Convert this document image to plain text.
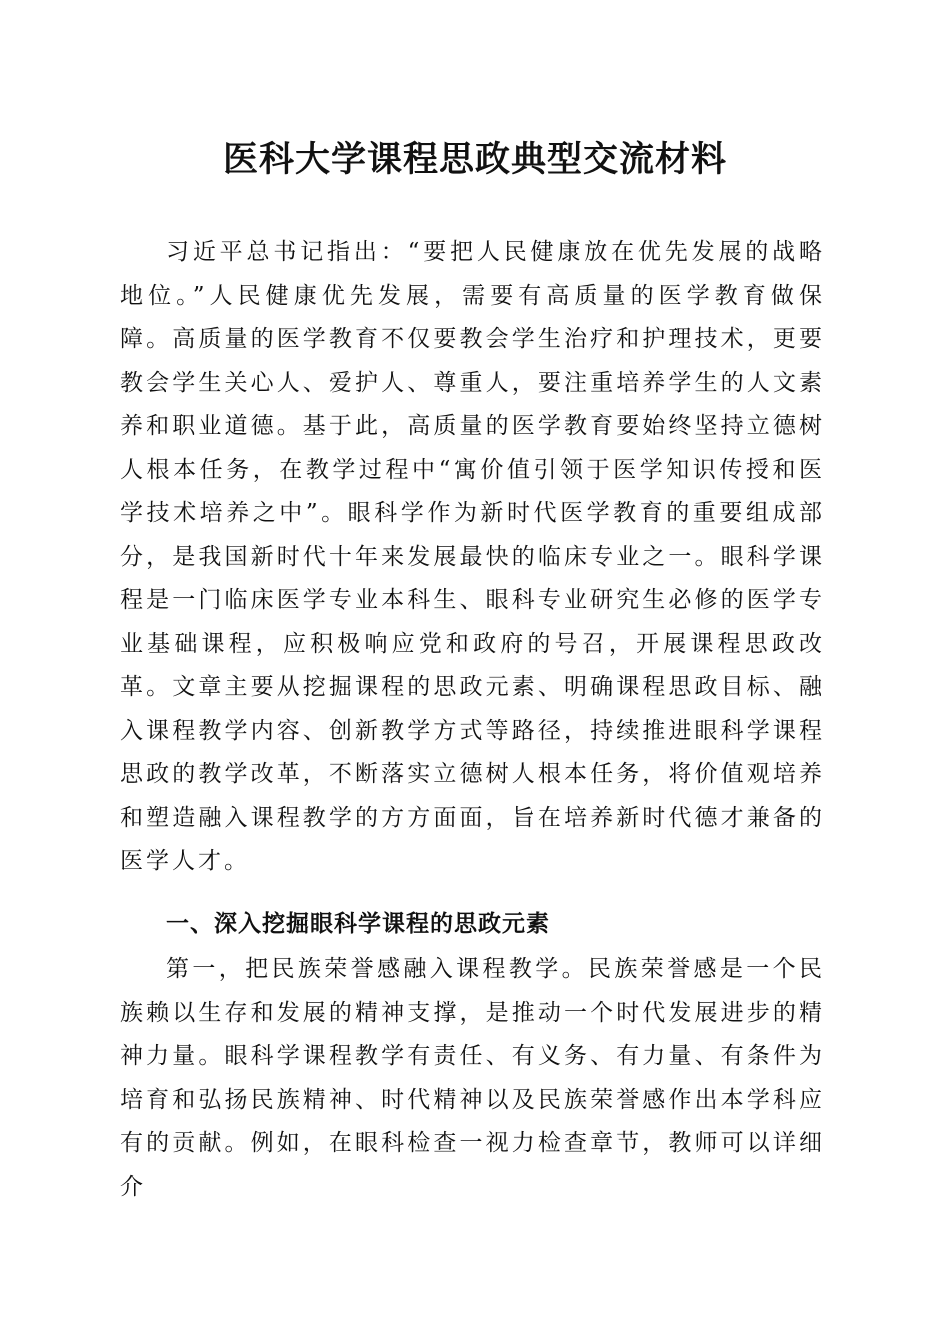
医科大学课程思政典型交流材料

习近平总书记指出：“要把人民健康放在优先发展的战略地位。”人民健康优先发展，需要有高质量的医学教育做保障。高质量的医学教育不仅要教会学生治疗和护理技术，更要教会学生关心人、爱护人、尊重人，要注重培养学生的人文素养和职业道德。基于此，高质量的医学教育要始终坚持立德树人根本任务，在教学过程中“寓价值引领于医学知识传授和医学技术培养之中”。眼科学作为新时代医学教育的重要组成部分，是我国新时代十年来发展最快的临床专业之一。眼科学课程是一门临床医学专业本科生、眼科专业研究生必修的医学专业基础课程，应积极响应党和政府的号召，开展课程思政改革。文章主要从挖掘课程的思政元素、明确课程思政目标、融入课程教学内容、创新教学方式等路径，持续推进眼科学课程思政的教学改革，不断落实立德树人根本任务，将价值观培养和塑造融入课程教学的方方面面，旨在培养新时代德才兼备的医学人才。

一、深入挖掘眼科学课程的思政元素

第一，把民族荣誉感融入课程教学。民族荣誉感是一个民族赖以生存和发展的精神支撑，是推动一个时代发展进步的精神力量。眼科学课程教学有责任、有义务、有力量、有条件为培育和弘扬民族精神、时代精神以及民族荣誉感作出本学科应有的贡献。例如，在眼科检查一视力检查章节，教师可以详细介
